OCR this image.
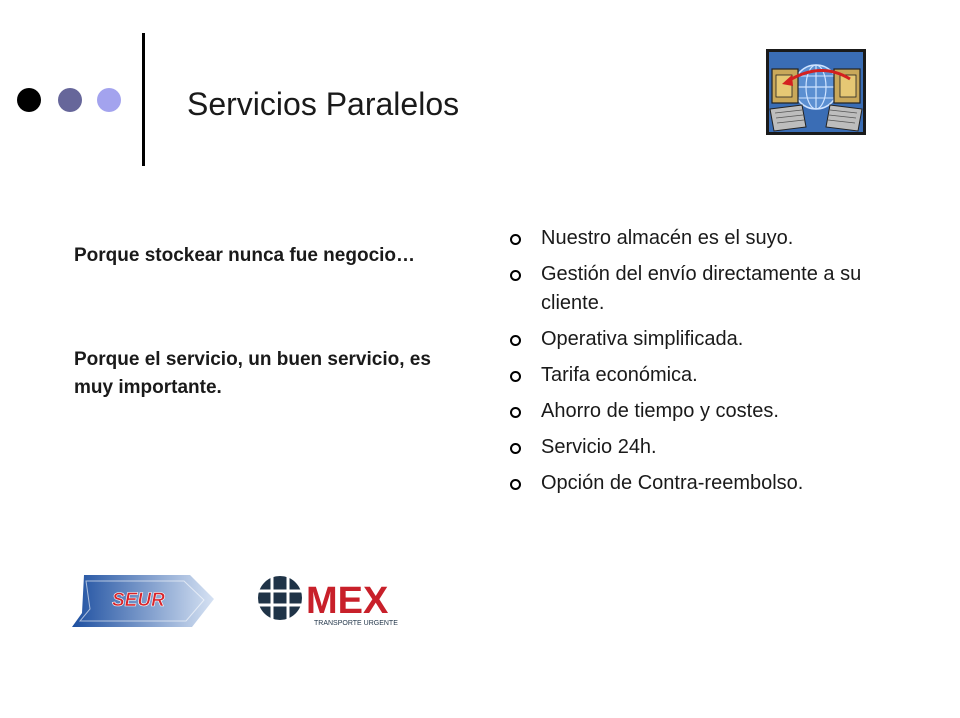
Servicios Paralelos
Porque stockear nunca fue negocio…
Porque el servicio, un buen servicio, es muy importante.
Nuestro almacén es el suyo.
Gestión del envío directamente a su cliente.
Operativa simplificada.
Tarifa económica.
Ahorro de tiempo y costes.
Servicio 24h.
Opción de Contra-reembolso.
SEUR	MEX
TRANSPORTE URGENTE
